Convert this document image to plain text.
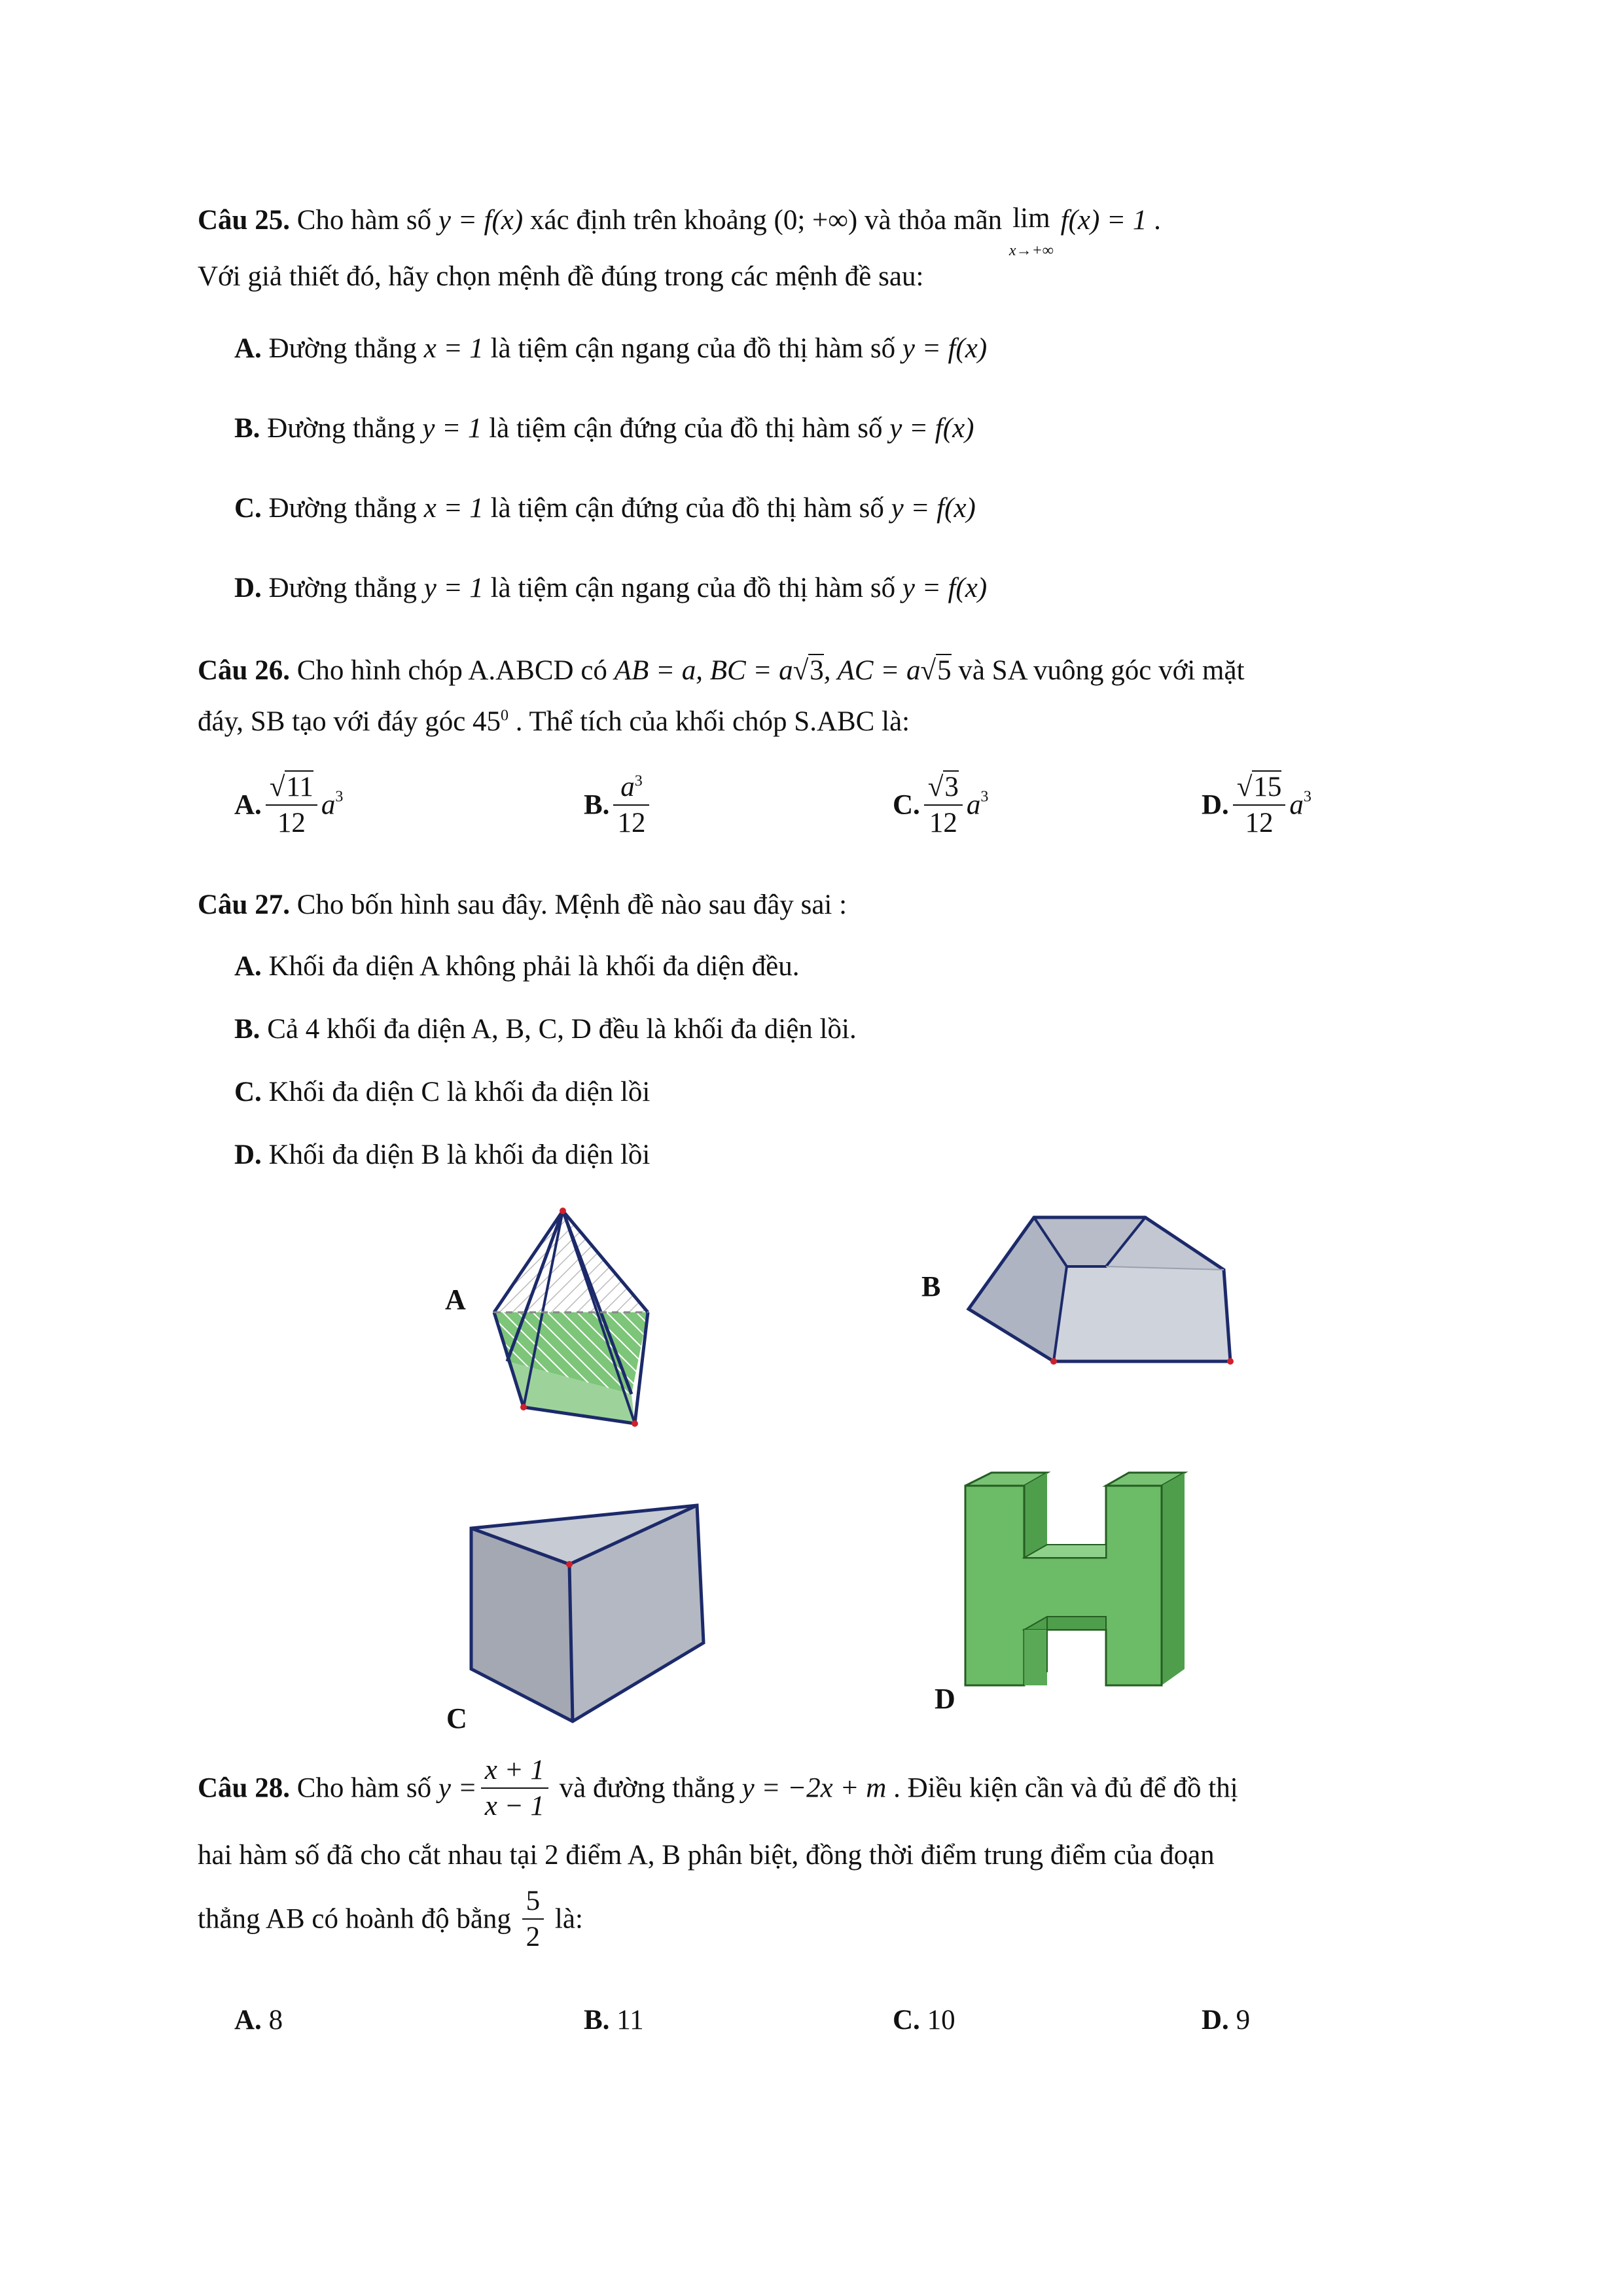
Câu 25. Cho hàm số y = f(x) xác định trên khoảng (0; +∞) và thỏa mãn lim
x→+∞ f(x) = 1 .
Với giả thiết đó, hãy chọn mệnh đề đúng trong các mệnh đề sau:
A. Đường thẳng x = 1 là tiệm cận ngang của đồ thị hàm số y = f(x)
B. Đường thẳng y = 1 là tiệm cận đứng của đồ thị hàm số y = f(x)
C. Đường thẳng x = 1 là tiệm cận đứng của đồ thị hàm số y = f(x)
D. Đường thẳng y = 1 là tiệm cận ngang của đồ thị hàm số y = f(x)
Câu 26. Cho hình chóp A.ABCD có AB = a, BC = a√3, AC = a√5 và SA vuông góc với mặt
đáy, SB tạo với đáy góc $45^0$ . Thể tích của khối chóp S.ABC là:
A. $\frac{√11}{12} a^3$	B. $\frac{a^3}{12}$	C. $\frac{√3}{12} a^3$	D. $\frac{√15}{12} a^3$
Câu 27. Cho bốn hình sau đây. Mệnh đề nào sau đây sai :
A. Khối đa diện A không phải là khối đa diện đều.
B. Cả 4 khối đa diện A, B, C, D đều là khối đa diện lồi.
C. Khối đa diện C là khối đa diện lồi
D. Khối đa diện B là khối đa diện lồi
A	B
C
D
Câu 28. Cho hàm số $y = \frac{x + 1}{x - 1}$ và đường thẳng y = −2x + m . Điều kiện cần và đủ để đồ thị
hai hàm số đã cho cắt nhau tại 2 điểm A, B phân biệt, đồng thời điểm trung điểm của đoạn
thẳng AB có hoành độ bằng $\frac{5}{2}$ là:
A. 8	B. 11	C. 10	D. 9
